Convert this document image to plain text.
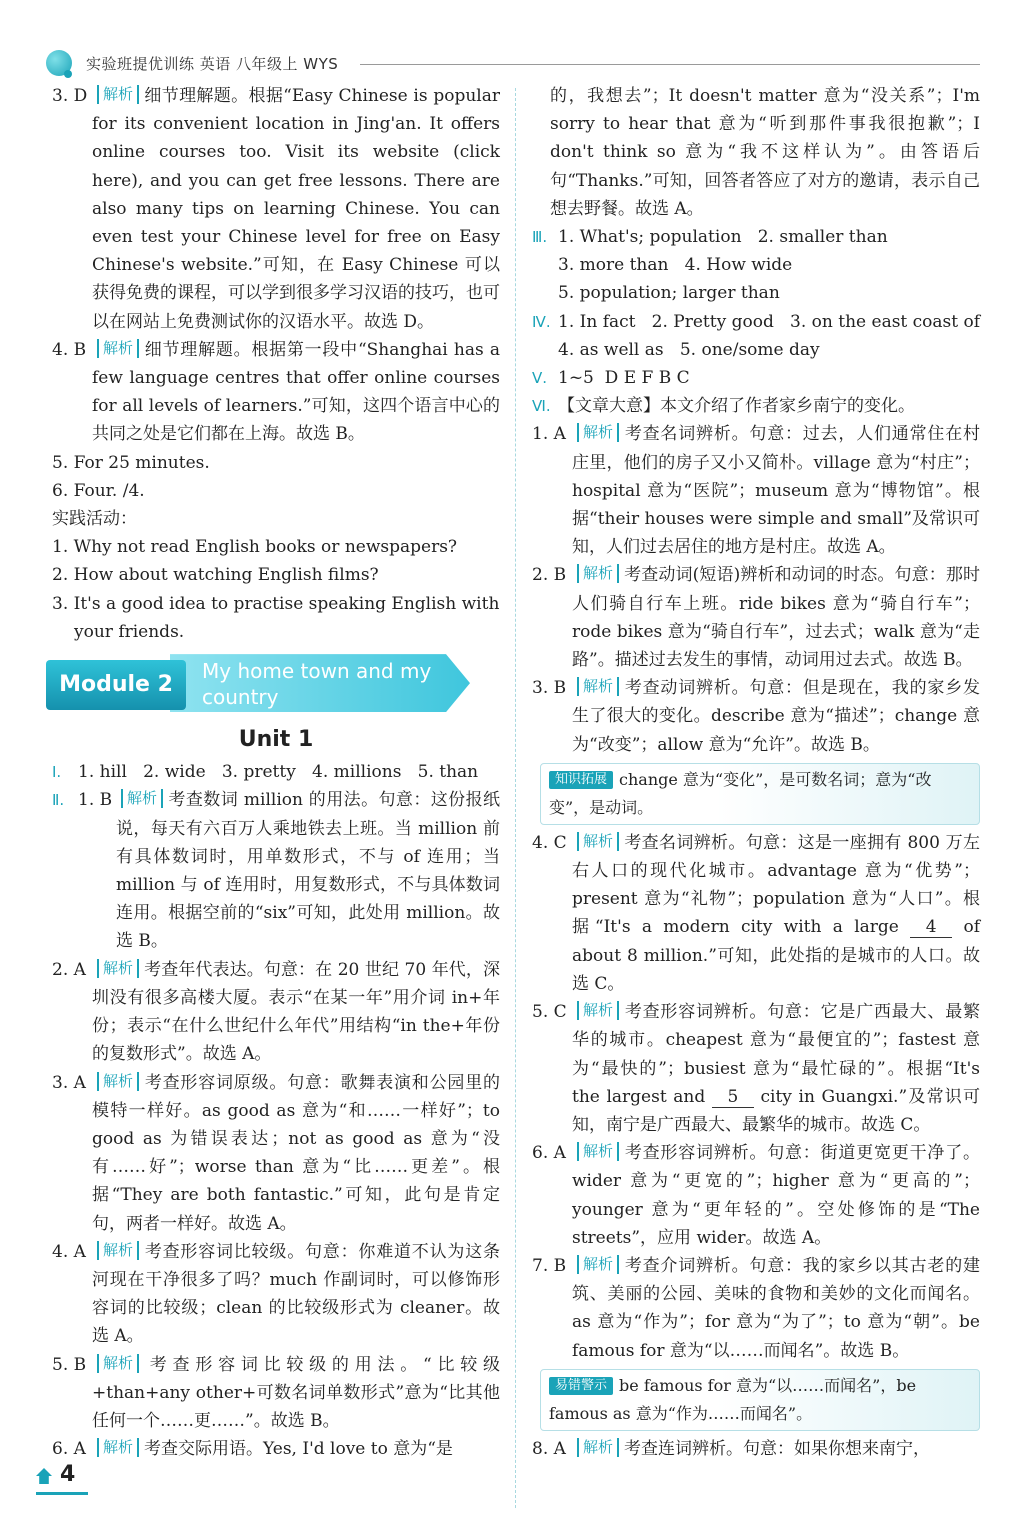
实验班提优训练 英语 八年级上 WYS
3. D	解析 细节理解题。根据“Easy Chinese is popular for its convenient location in Jing'an. It offers online courses too. Visit its website (click here), and you can get free lessons. There are also many tips on learning Chinese. You can even test your Chinese level for free on Easy Chinese's website.”可知，在 Easy Chinese 可以获得免费的课程，可以学到很多学习汉语的技巧，也可以在网站上免费测试你的汉语水平。故选 D。
4. B	解析 细节理解题。根据第一段中“Shanghai has a few language centres that offer online courses for all levels of learners.”可知，这四个语言中心的共同之处是它们都在上海。故选 B。
5. For 25 minutes.
6. Four. /4.
实践活动：
1. Why not read English books or newspapers?
2. How about watching English films?
3. It's a good idea to practise speaking English with your friends.
Module 2
My home town and my country
Unit 1
Ⅰ. 1. hill   2. wide   3. pretty   4. millions   5. than
Ⅱ. 1. B 解析 考查数词 million 的用法。句意：这份报纸说，每天有六百万人乘地铁去上班。当 million 前有具体数词时，用单数形式，不与 of 连用；当 million 与 of 连用时，用复数形式，不与具体数词连用。根据空前的“six”可知，此处用 million。故选 B。
2. A	解析 考查年代表达。句意：在 20 世纪 70 年代，深圳没有很多高楼大厦。表示“在某一年”用介词 in+年份；表示“在什么世纪什么年代”用结构“in the+年份的复数形式”。故选 A。
3. A	解析 考查形容词原级。句意：歌舞表演和公园里的模特一样好。as good as 意为“和……一样好”；to good as 为错误表达；not as good as 意为“没有……好”；worse than 意为“比……更差”。根据“They are both fantastic.”可知，此句是肯定句，两者一样好。故选 A。
4. A	解析 考查形容词比较级。句意：你难道不认为这条河现在干净很多了吗？much 作副词时，可以修饰形容词的比较级；clean 的比较级形式为 cleaner。故选 A。
5. B	解析 考查形容词比较级的用法。“比较级+than+any other+可数名词单数形式”意为“比其他任何一个……更……”。故选 B。
6. A	解析 考查交际用语。Yes, I'd love to 意为“是
的，我想去”；It doesn't matter 意为“没关系”；I'm sorry to hear that 意为“听到那件事我很抱歉”；I don't think so 意为“我不这样认为”。由答语后句“Thanks.”可知，回答者答应了对方的邀请，表示自己想去野餐。故选 A。
Ⅲ. 1. What's; population   2. smaller than
3. more than   4. How wide
5. population; larger than
Ⅳ. 1. In fact   2. Pretty good   3. on the east coast of
4. as well as   5. one/some day
Ⅴ. 1~5  D E F B C
Ⅵ. 【文章大意】本文介绍了作者家乡南宁的变化。
1. A	解析 考查名词辨析。句意：过去，人们通常住在村庄里，他们的房子又小又简朴。village 意为“村庄”；hospital 意为“医院”；museum 意为“博物馆”。根据“their houses were simple and small”及常识可知，人们过去居住的地方是村庄。故选 A。
2. B	解析 考查动词(短语)辨析和动词的时态。句意：那时人们骑自行车上班。ride bikes 意为“骑自行车”；rode bikes 意为“骑自行车”，过去式；walk 意为“走路”。描述过去发生的事情，动词用过去式。故选 B。
3. B	解析 考查动词辨析。句意：但是现在，我的家乡发生了很大的变化。describe 意为“描述”；change 意为“改变”；allow 意为“允许”。故选 B。
知识拓展 change 意为“变化”，是可数名词；意为“改变”，是动词。
4. C	解析 考查名词辨析。句意：这是一座拥有 800 万左右人口的现代化城市。advantage 意为“优势”；present 意为“礼物”；population 意为“人口”。根据“It's a modern city with a large 4 of about 8 million.”可知，此处指的是城市的人口。故选 C。
5. C	解析 考查形容词辨析。句意：它是广西最大、最繁华的城市。cheapest 意为“最便宜的”；fastest 意为“最快的”；busiest 意为“最忙碌的”。根据“It's the largest and 5 city in Guangxi.”及常识可知，南宁是广西最大、最繁华的城市。故选 C。
6. A	解析 考查形容词辨析。句意：街道更宽更干净了。wider 意为“更宽的”；higher 意为“更高的”；younger 意为“更年轻的”。空处修饰的是“The streets”，应用 wider。故选 A。
7. B	解析 考查介词辨析。句意：我的家乡以其古老的建筑、美丽的公园、美味的食物和美妙的文化而闻名。as 意为“作为”；for 意为“为了”；to 意为“朝”。be famous for 意为“以……而闻名”。故选 B。
易错警示 be famous for 意为“以……而闻名”，be famous as 意为“作为……而闻名”。
8. A	解析 考查连词辨析。句意：如果你想来南宁，
4
